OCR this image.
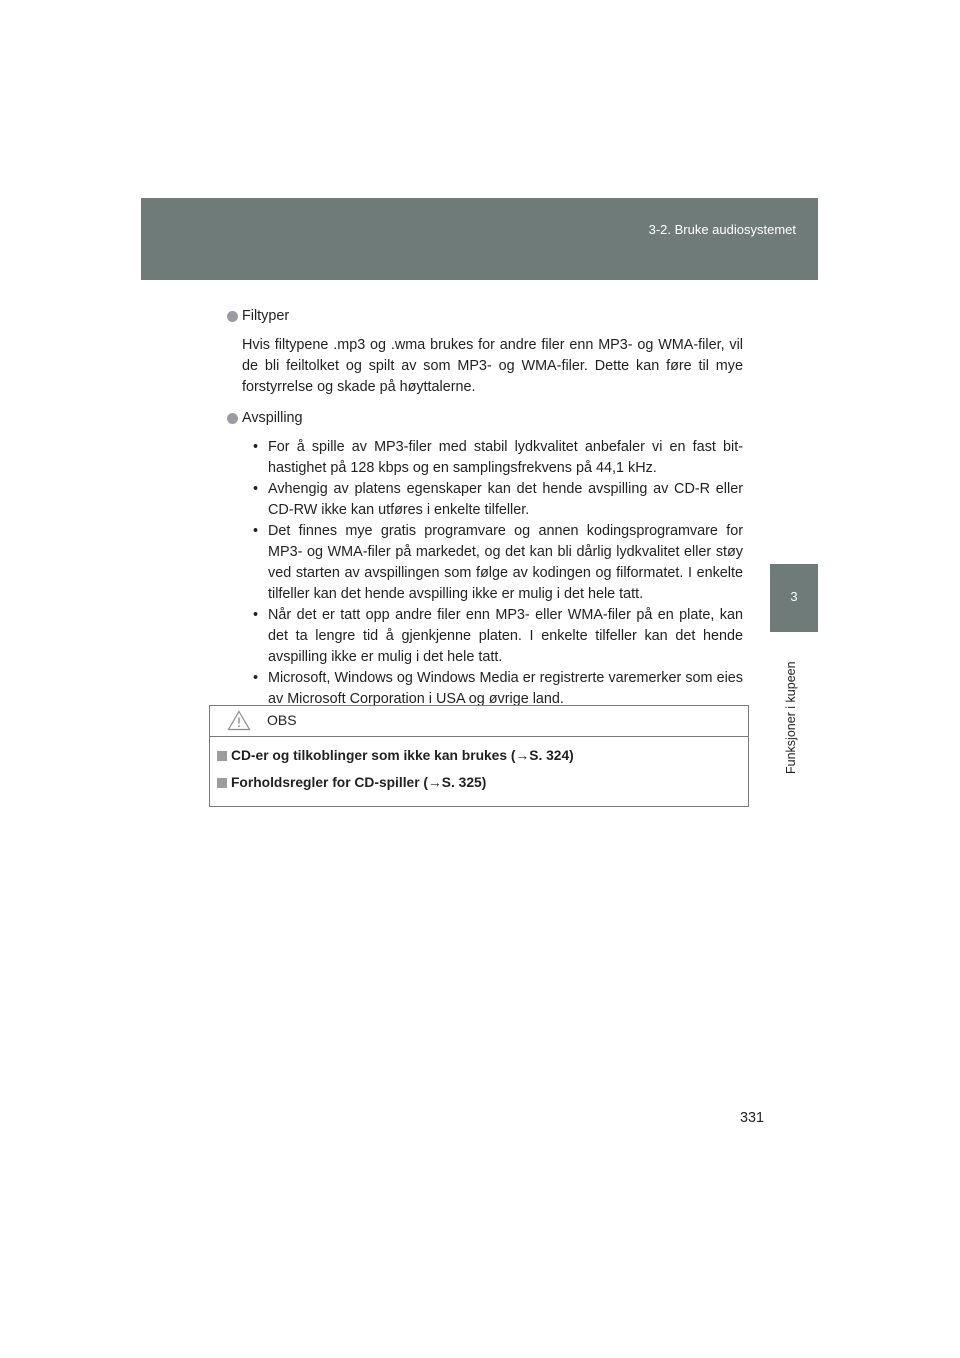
3-2. Bruke audiosystemet
3
Funksjoner i kupeen
Filtyper
Hvis filtypene .mp3 og .wma brukes for andre filer enn MP3- og WMA-filer, vil de bli feiltolket og spilt av som MP3- og WMA-filer. Dette kan føre til mye forstyrrelse og skade på høyttalerne.
Avspilling
• For å spille av MP3-filer med stabil lydkvalitet anbefaler vi en fast bit-hastighet på 128 kbps og en samplingsfrekvens på 44,1 kHz.
• Avhengig av platens egenskaper kan det hende avspilling av CD-R eller CD-RW ikke kan utføres i enkelte tilfeller.
• Det finnes mye gratis programvare og annen kodingsprogramvare for MP3- og WMA-filer på markedet, og det kan bli dårlig lydkvalitet eller støy ved starten av avspillingen som følge av kodingen og filformatet. I enkelte tilfeller kan det hende avspilling ikke er mulig i det hele tatt.
• Når det er tatt opp andre filer enn MP3- eller WMA-filer på en plate, kan det ta lengre tid å gjenkjenne platen. I enkelte tilfeller kan det hende avspilling ikke er mulig i det hele tatt.
• Microsoft, Windows og Windows Media er registrerte varemerker som eies av Microsoft Corporation i USA og øvrige land.
OBS
CD-er og tilkoblinger som ikke kan brukes (→S. 324)
Forholdsregler for CD-spiller (→S. 325)
331
